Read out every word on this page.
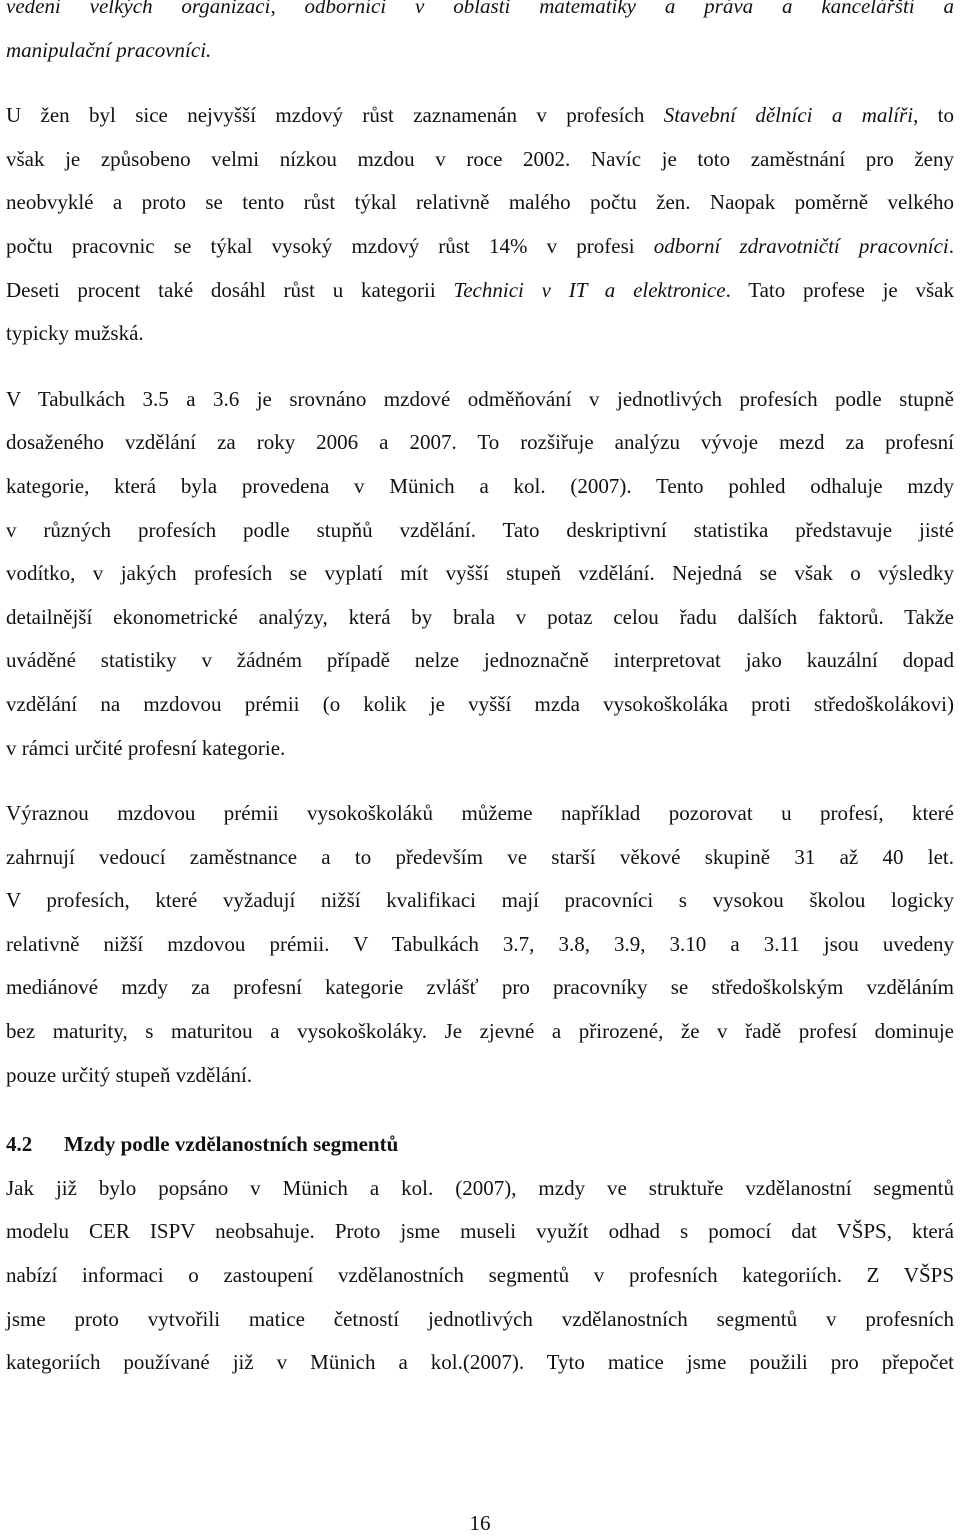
vedení velkých organizací, odborníci v oblasti matematiky a práva a kancelářští a
manipulační pracovníci.

U žen byl sice nejvyšší mzdový růst zaznamenán v profesích Stavební dělníci a malíři, to
však je způsobeno velmi nízkou mzdou v roce 2002. Navíc je toto zaměstnání pro ženy
neobvyklé a proto se tento růst týkal relativně malého počtu žen. Naopak poměrně velkého
počtu pracovnic se týkal vysoký mzdový růst 14% v profesi odborní zdravotničtí pracovníci.
Deseti procent také dosáhl růst u kategorii Technici v IT a elektronice. Tato profese je však
typicky mužská.

V Tabulkách 3.5 a 3.6 je srovnáno mzdové odměňování v jednotlivých profesích podle stupně
dosaženého vzdělání za roky 2006 a 2007. To rozšiřuje analýzu vývoje mezd za profesní
kategorie, která byla provedena v Münich a kol. (2007). Tento pohled odhaluje mzdy
v různých profesích podle stupňů vzdělání. Tato deskriptivní statistika představuje jisté
vodítko, v jakých profesích se vyplatí mít vyšší stupeň vzdělání. Nejedná se však o výsledky
detailnější ekonometrické analýzy, která by brala v potaz celou řadu dalších faktorů. Takže
uváděné statistiky v žádném případě nelze jednoznačně interpretovat jako kauzální dopad
vzdělání na mzdovou prémii (o kolik je vyšší mzda vysokoškoláka proti středoškolákovi)
v rámci určité profesní kategorie.

Výraznou mzdovou prémii vysokoškoláků můžeme například pozorovat u profesí, které
zahrnují vedoucí zaměstnance a to především ve starší věkové skupině 31 až 40 let.
V profesích, které vyžadují nižší kvalifikaci mají pracovníci s vysokou školou logicky
relativně nižší mzdovou prémii. V Tabulkách 3.7, 3.8, 3.9, 3.10 a 3.11 jsou uvedeny
mediánové mzdy za profesní kategorie zvlášť pro pracovníky se středoškolským vzděláním
bez maturity, s maturitou a vysokoškoláky. Je zjevné a přirozené, že v řadě profesí dominuje
pouze určitý stupeň vzdělání.

4.2 Mzdy podle vzdělanostních segmentů

Jak již bylo popsáno v Münich a kol. (2007), mzdy ve struktuře vzdělanostní segmentů
modelu CER ISPV neobsahuje. Proto jsme museli využít odhad s pomocí dat VŠPS, která
nabízí informaci o zastoupení vzdělanostních segmentů v profesních kategoriích. Z VŠPS
jsme proto vytvořili matice četností jednotlivých vzdělanostních segmentů v profesních
kategoriích používané již v Münich a kol.(2007). Tyto matice jsme použili pro přepočet

16
